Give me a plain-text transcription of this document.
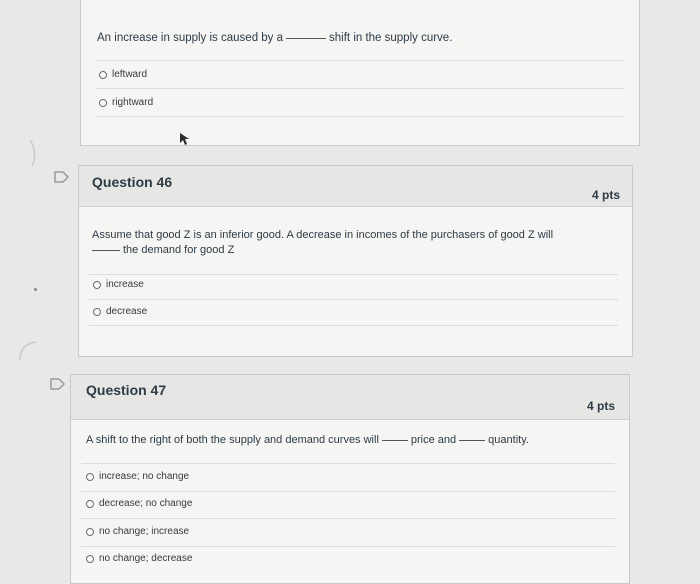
An increase in supply is caused by a	shift in the supply curve.
leftward
rightward
Question 46
4 pts
Assume that good Z is an inferior good. A decrease in incomes of the purchasers of good Z will
the demand for good Z
increase
decrease
Question 47
4 pts
A shift to the right of both the supply and demand curves will	price and	quantity.
increase; no change
decrease; no change
no change; increase
no change; decrease
